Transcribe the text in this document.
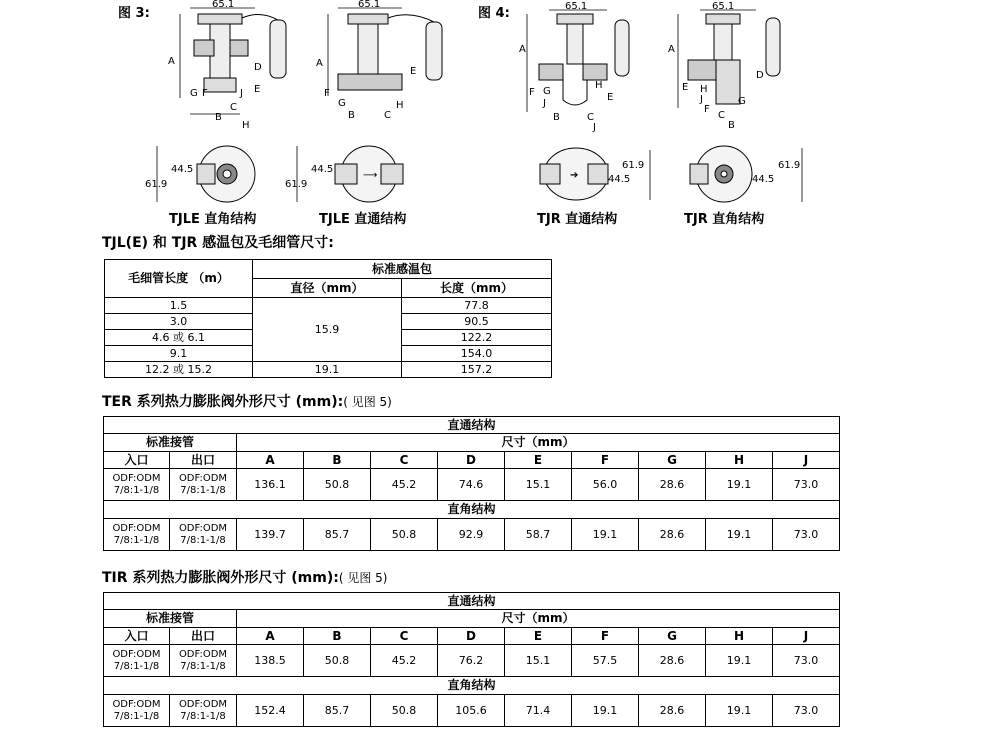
图 3:	图 4:
65.1
A
D
E
G F	J
C
B
H
65.1
A
E
F
G	H
B	C
65.1
A
F G
J
H
E
B	C
J
65.1
A
D
E H
J
F
G
C
B
61.9
44.5
61.9
44.5
⟶	➔	44.5
61.9
44.5
61.9
TJLE 直角结构	TJLE 直通结构	TJR 直通结构	TJR 直角结构
TJL(E) 和 TJR 感温包及毛细管尺寸:
毛细管长度 （m）	标准感温包	
	直径（mm）	长度（mm）
1.5	15.9	77.8
3.0		90.5
4.6 或 6.1		122.2
9.1		154.0
12.2 或 15.2	19.1	157.2
TER 系列热力膨胀阀外形尺寸 (mm):( 见图 5)
直通结构										
标准接管		尺寸（mm）								
入口	出口	A	B	C	D	E	F	G	H	J
ODF:ODM
7/8:1-1/8	ODF:ODM
7/8:1-1/8	136.1	50.8	45.2	74.6	15.1	56.0	28.6	19.1	73.0
直角结构										
ODF:ODM
7/8:1-1/8	ODF:ODM
7/8:1-1/8	139.7	85.7	50.8	92.9	58.7	19.1	28.6	19.1	73.0
TIR 系列热力膨胀阀外形尺寸 (mm):( 见图 5)
直通结构										
标准接管		尺寸（mm）								
入口	出口	A	B	C	D	E	F	G	H	J
ODF:ODM
7/8:1-1/8	ODF:ODM
7/8:1-1/8	138.5	50.8	45.2	76.2	15.1	57.5	28.6	19.1	73.0
直角结构										
ODF:ODM
7/8:1-1/8	ODF:ODM
7/8:1-1/8	152.4	85.7	50.8	105.6	71.4	19.1	28.6	19.1	73.0
